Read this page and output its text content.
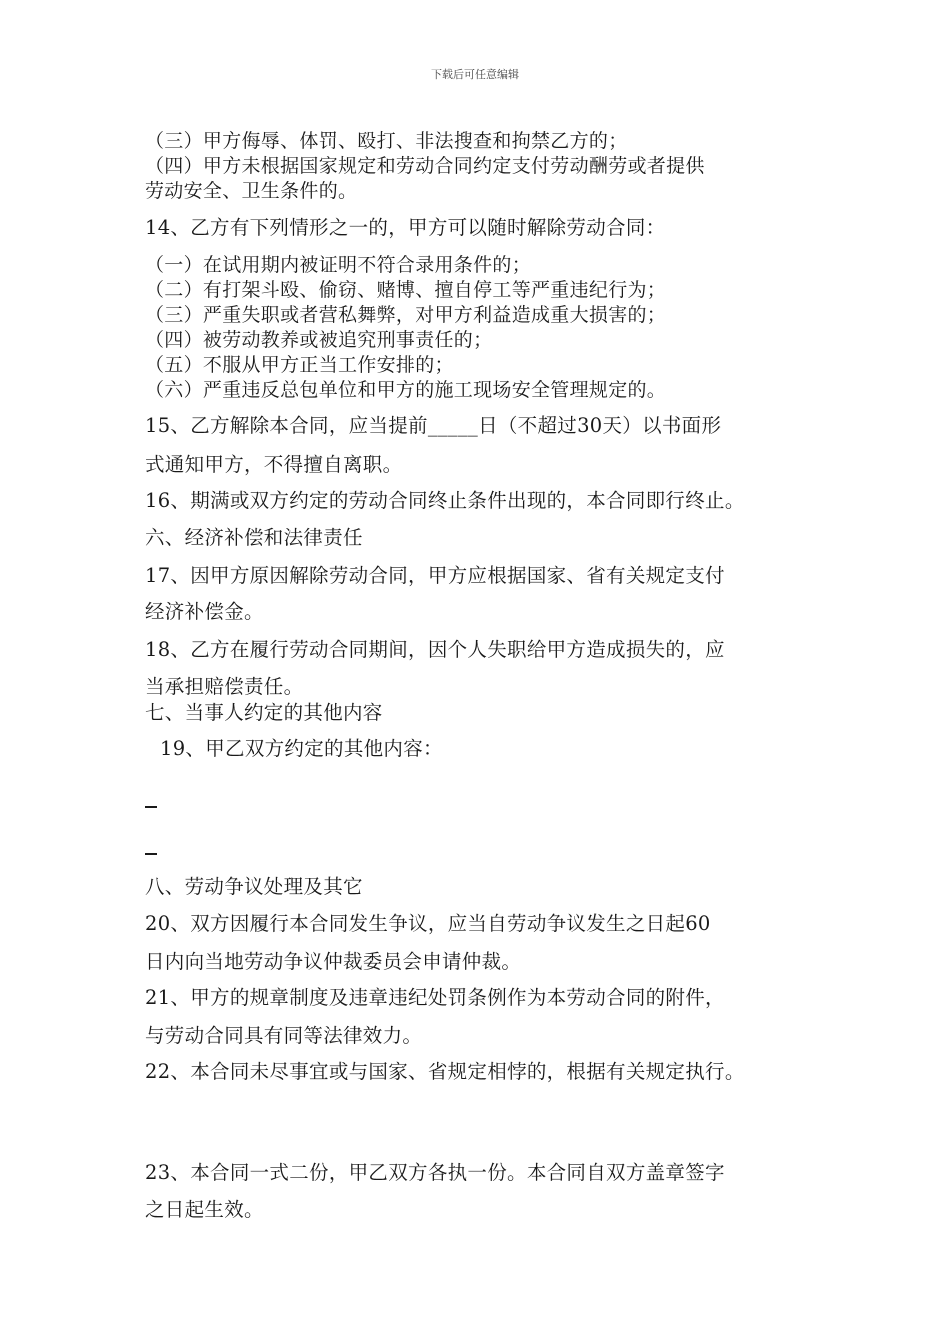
下载后可任意编辑
（三）甲方侮辱、体罚、殴打、非法搜查和拘禁乙方的；
（四）甲方未根据国家规定和劳动合同约定支付劳动酬劳或者提供
劳动安全、卫生条件的。
14、乙方有下列情形之一的，甲方可以随时解除劳动合同：
（一）在试用期内被证明不符合录用条件的；
（二）有打架斗殴、偷窃、赌博、擅自停工等严重违纪行为；
（三）严重失职或者营私舞弊，对甲方利益造成重大损害的；
（四）被劳动教养或被追究刑事责任的；
（五）不服从甲方正当工作安排的；
（六）严重违反总包单位和甲方的施工现场安全管理规定的。
15、乙方解除本合同，应当提前_____日（不超过30天）以书面形
式通知甲方，不得擅自离职。
16、期满或双方约定的劳动合同终止条件出现的，本合同即行终止。
六、经济补偿和法律责任
17、因甲方原因解除劳动合同，甲方应根据国家、省有关规定支付
经济补偿金。
18、乙方在履行劳动合同期间，因个人失职给甲方造成损失的，应
当承担赔偿责任。
七、当事人约定的其他内容
19、甲乙双方约定的其他内容：
八、劳动争议处理及其它
20、双方因履行本合同发生争议，应当自劳动争议发生之日起60
日内向当地劳动争议仲裁委员会申请仲裁。
21、甲方的规章制度及违章违纪处罚条例作为本劳动合同的附件，
与劳动合同具有同等法律效力。
22、本合同未尽事宜或与国家、省规定相悖的，根据有关规定执行。
23、本合同一式二份，甲乙双方各执一份。本合同自双方盖章签字
之日起生效。
